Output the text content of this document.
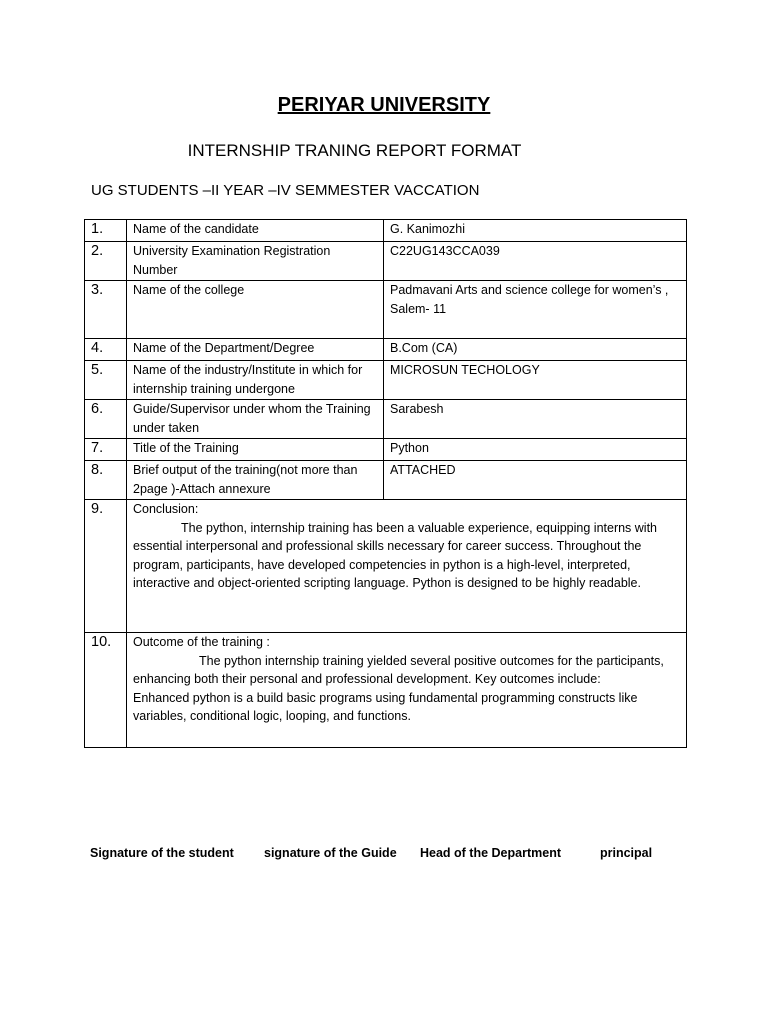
PERIYAR UNIVERSITY
INTERNSHIP TRANING REPORT FORMAT
UG STUDENTS –II YEAR –IV SEMMESTER VACCATION
1.	Name of the candidate	G. Kanimozhi
2.	University Examination Registration Number	C22UG143CCA039
3.	Name of the college	Padmavani Arts and science college for women’s ,
Salem- 11

4.	Name of the Department/Degree	B.Com (CA)
5.	Name of the industry/Institute in which for internship training undergone	MICROSUN TECHOLOGY
6.	Guide/Supervisor under whom the Training under taken	Sarabesh
7.	Title of the Training	Python
8.	Brief output of the training(not more than 2page )-Attach annexure	ATTACHED
9.	Conclusion:
The python, internship training has been a valuable experience, equipping interns with essential interpersonal and professional skills necessary for career success. Throughout the program, participants, have developed competencies in python is a high-level, interpreted, interactive and object-oriented scripting language. Python is designed to be highly readable.	

10.	Outcome of the training :
The python internship training yielded several positive outcomes for the participants, enhancing both their personal and professional development. Key outcomes include:
Enhanced python is a build basic programs using fundamental programming constructs like variables, conditional logic, looping, and functions.	
Signature of the student signature of the Guide Head of the Department	principal
